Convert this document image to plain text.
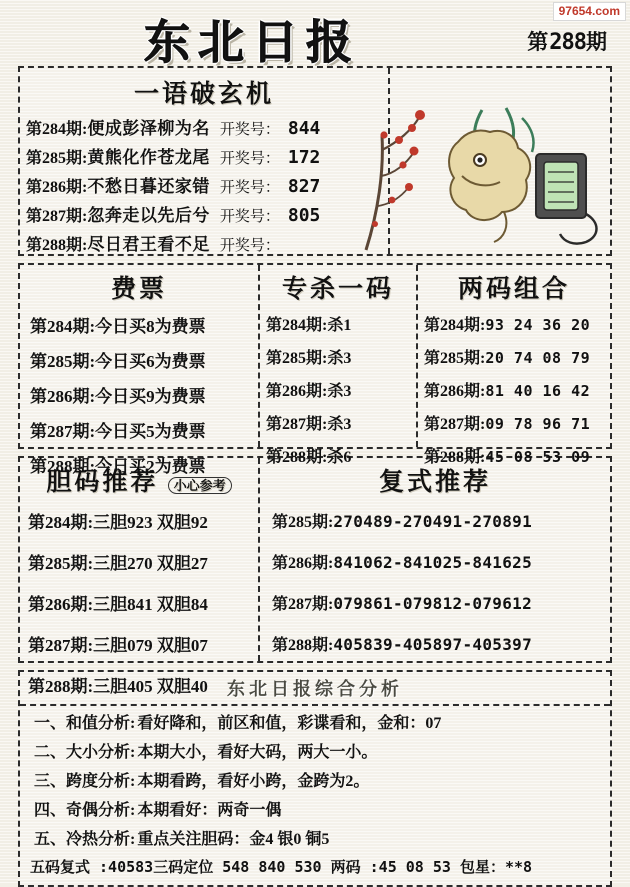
97654.com
东北日报	第288期
一语破玄机
第284期: 便成彭泽柳为名 开奖号： 844
第285期: 黄熊化作苍龙尾 开奖号： 172
第286期: 不愁日暮还家错 开奖号： 827
第287期: 忽奔走以先后兮 开奖号： 805
第288期: 尽日君王看不足 开奖号：
费票
第284期:今日买8为费票
第285期:今日买6为费票
第286期:今日买9为费票
第287期:今日买5为费票
第288期:今日买2为费票
专杀一码
第284期:杀1
第285期:杀3
第286期:杀3
第287期:杀3
第288期:杀6
两码组合
第284期:93 24 36 20
第285期:20 74 08 79
第286期:81 40 16 42
第287期:09 78 96 71
第288期:45 08 53 09
胆码推荐 小心参考
第284期:三胆923 双胆92
第285期:三胆270 双胆27
第286期:三胆841 双胆84
第287期:三胆079 双胆07
第288期:三胆405 双胆40
复式推荐
第285期:270489-270491-270891
第286期:841062-841025-841625
第287期:079861-079812-079612
第288期:405839-405897-405397
东北日报综合分析
一、和值分析: 看好降和，前区和值，彩谍看和，金和：07
二、大小分析: 本期大小，看好大码，两大一小。
三、跨度分析: 本期看跨，看好小跨，金跨为2。
四、奇偶分析: 本期看好：两奇一偶
五、冷热分析: 重点关注胆码：金4 银0 铜5
五码复式 :40583三码定位 548 840 530 两码 :45 08 53 包星：**8
